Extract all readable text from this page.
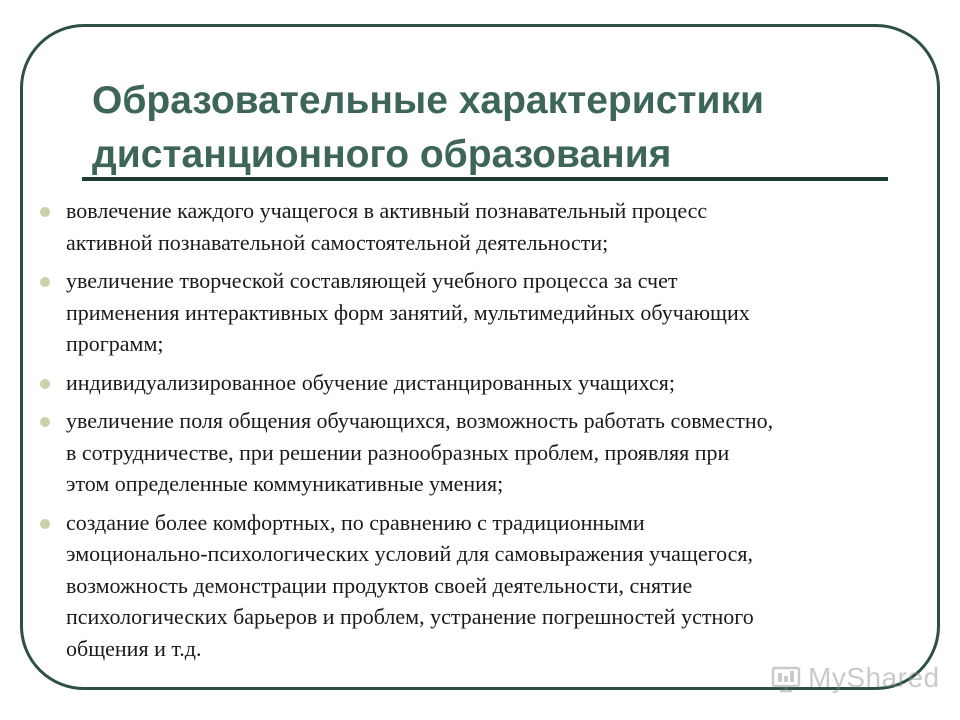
Образовательные характеристики
дистанционного образования
вовлечение каждого учащегося в активный познавательный процесс
активной познавательной самостоятельной деятельности;
увеличение творческой составляющей учебного процесса за счет
применения интерактивных форм занятий, мультимедийных обучающих
программ;
индивидуализированное обучение дистанцированных учащихся;
увеличение поля общения обучающихся, возможность работать совместно,
в сотрудничестве, при решении разнообразных проблем, проявляя при
этом определенные коммуникативные умения;
создание более комфортных, по сравнению с традиционными
эмоционально-психологических условий для самовыражения учащегося,
возможность демонстрации продуктов своей деятельности, снятие
психологических барьеров и проблем, устранение погрешностей устного
общения и т.д.
MyShared
